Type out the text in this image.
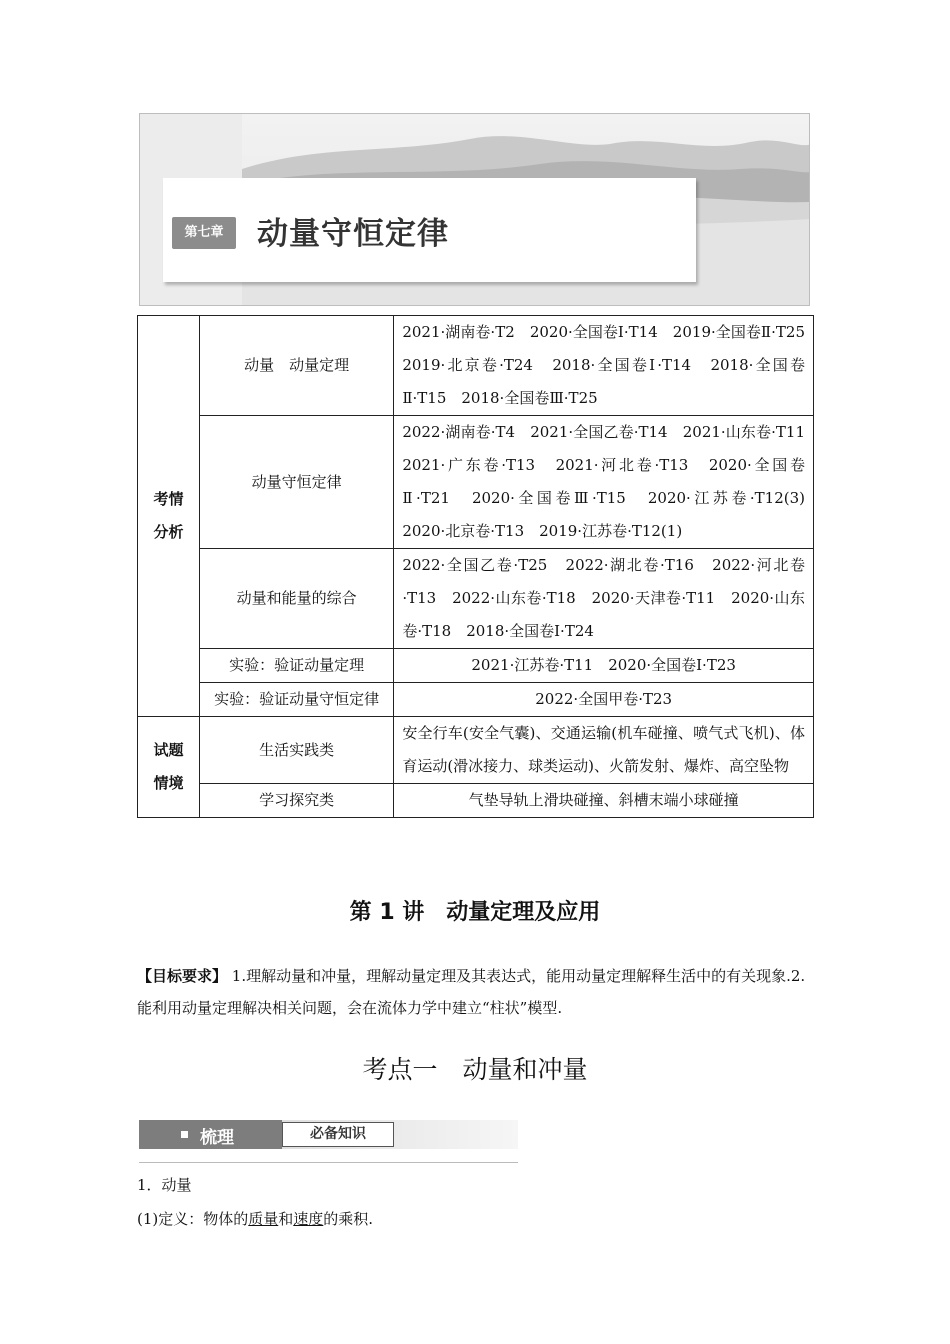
第七章	动量守恒定律
考情分析	动量　动量定理	2021·湖南卷·T2　2020·全国卷Ⅰ·T14　2019·全国卷Ⅱ·T25　2019·北京卷·T24　2018·全国卷Ⅰ·T14　2018·全国卷Ⅱ·T15　2018·全国卷Ⅲ·T25
	动量守恒定律	2022·湖南卷·T4　2021·全国乙卷·T14　2021·山东卷·T11　2021·广东卷·T13　2021·河北卷·T13　2020·全国卷Ⅱ·T21　2020·全国卷Ⅲ·T15　2020·江苏卷·T12(3)　2020·北京卷·T13　2019·江苏卷·T12(1)
	动量和能量的综合	2022·全国乙卷·T25　2022·湖北卷·T16　2022·河北卷·T13　2022·山东卷·T18　2020·天津卷·T11　2020·山东卷·T18　2018·全国卷Ⅰ·T24
	实验：验证动量定理	2021·江苏卷·T11　2020·全国卷Ⅰ·T23
	实验：验证动量守恒定律	2022·全国甲卷·T23

试题情境	生活实践类	安全行车(安全气囊)、交通运输(机车碰撞、喷气式飞机)、体育运动(滑冰接力、球类运动)、火箭发射、爆炸、高空坠物
	学习探究类	气垫导轨上滑块碰撞、斜槽末端小球碰撞
第 1 讲　动量定理及应用
【目标要求】 1.理解动量和冲量，理解动量定理及其表达式，能用动量定理解释生活中的有关现象.2.能利用动量定理解决相关问题，会在流体力学中建立“柱状”模型.
考点一　动量和冲量
梳理	必备知识
1．动量
(1)定义：物体的质量和速度的乘积.
